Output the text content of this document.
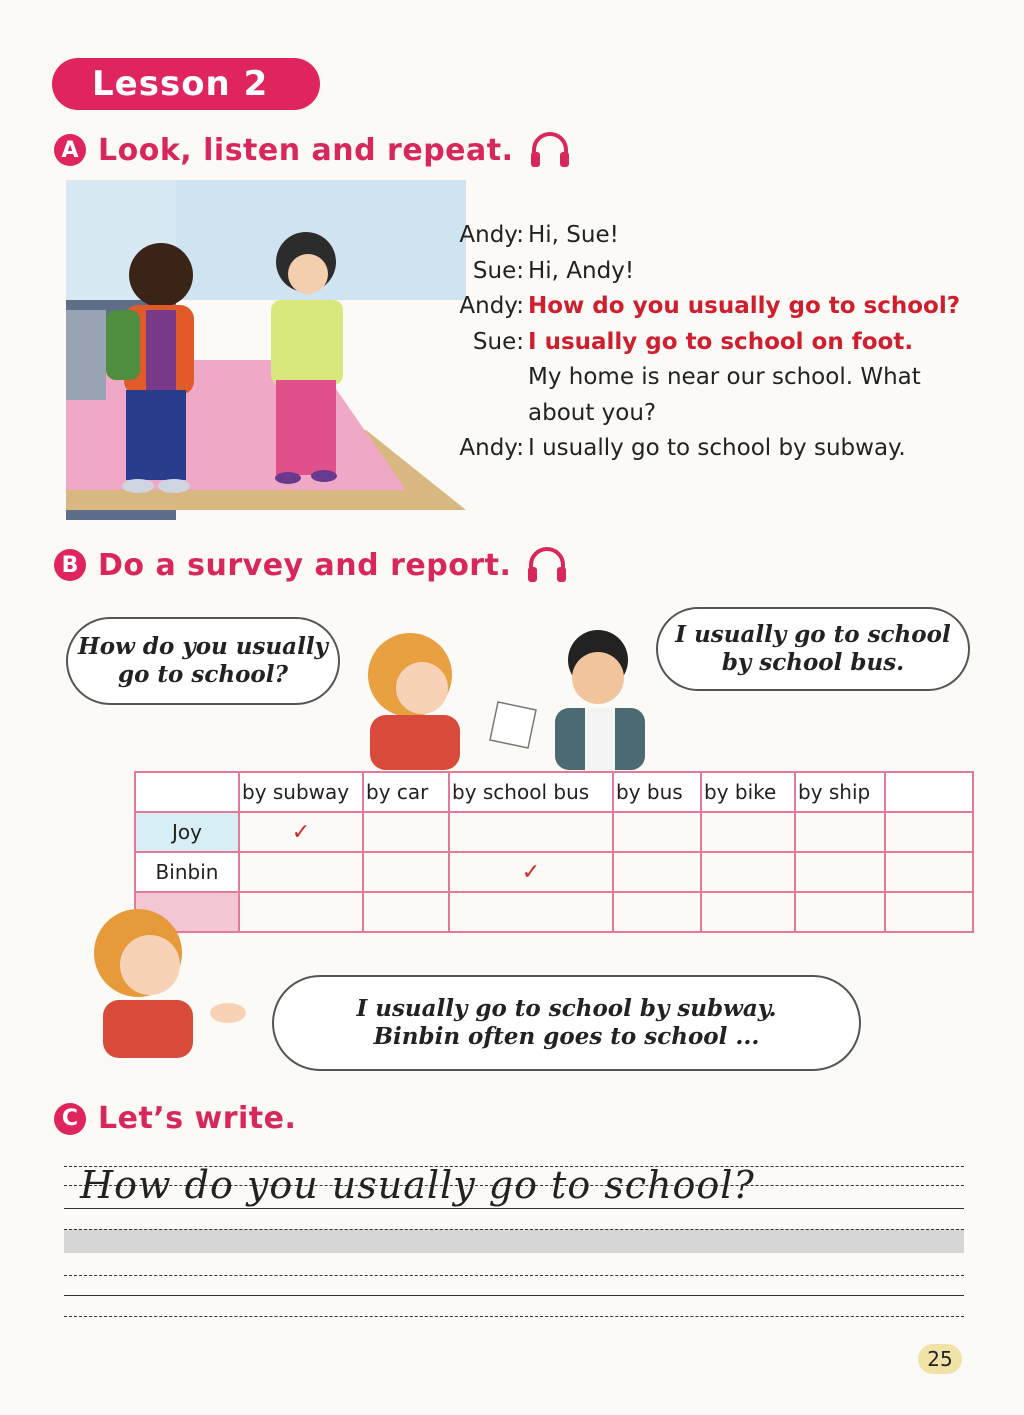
Lesson 2
A Look, listen and repeat.
Andy: Hi, Sue!
Sue: Hi, Andy!
Andy: How do you usually go to school?
Sue: I usually go to school on foot.
My home is near our school. What
about you?
Andy: I usually go to school by subway.
B Do a survey and report.
How do you usually
go to school?
I usually go to school
by school bus.
	by subway	by car	by school bus	by bus	by bike	by ship	
Joy	✓						
Binbin			✓				

I usually go to school by subway.
Binbin often goes to school ...
C Let’s write.
How do you usually go to school?
25
